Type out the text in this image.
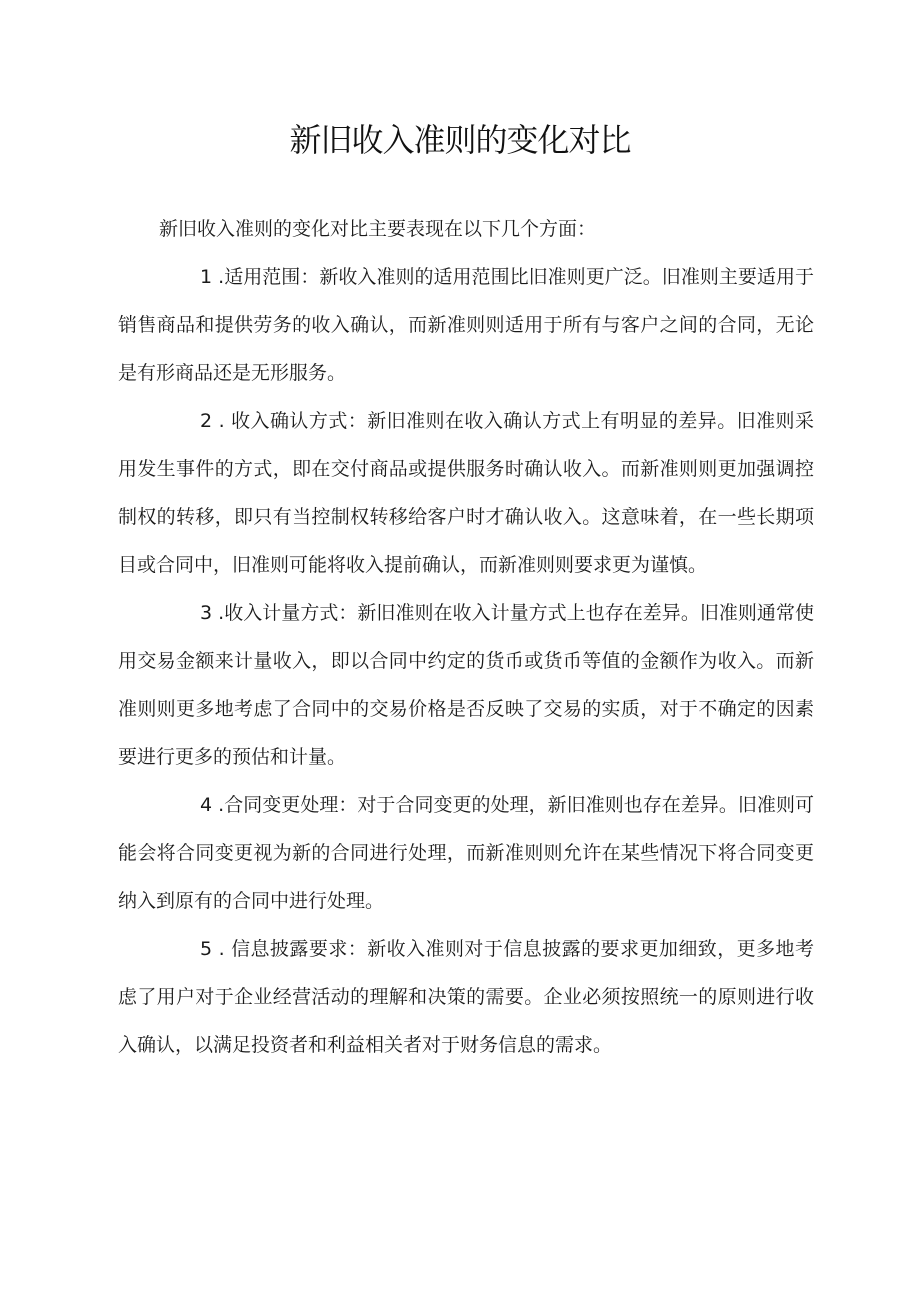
新旧收入准则的变化对比

新旧收入准则的变化对比主要表现在以下几个方面：

1 .适用范围：新收入准则的适用范围比旧准则更广泛。旧准则主要适用于销售商品和提供劳务的收入确认，而新准则则适用于所有与客户之间的合同，无论是有形商品还是无形服务。

2 . 收入确认方式：新旧准则在收入确认方式上有明显的差异。旧准则采用发生事件的方式，即在交付商品或提供服务时确认收入。而新准则则更加强调控制权的转移，即只有当控制权转移给客户时才确认收入。这意味着，在一些长期项目或合同中，旧准则可能将收入提前确认，而新准则则要求更为谨慎。

3 .收入计量方式：新旧准则在收入计量方式上也存在差异。旧准则通常使用交易金额来计量收入，即以合同中约定的货币或货币等值的金额作为收入。而新准则则更多地考虑了合同中的交易价格是否反映了交易的实质，对于不确定的因素要进行更多的预估和计量。

4 .合同变更处理：对于合同变更的处理，新旧准则也存在差异。旧准则可能会将合同变更视为新的合同进行处理，而新准则则允许在某些情况下将合同变更纳入到原有的合同中进行处理。

5 . 信息披露要求：新收入准则对于信息披露的要求更加细致，更多地考虑了用户对于企业经营活动的理解和决策的需要。企业必须按照统一的原则进行收入确认，以满足投资者和利益相关者对于财务信息的需求。
